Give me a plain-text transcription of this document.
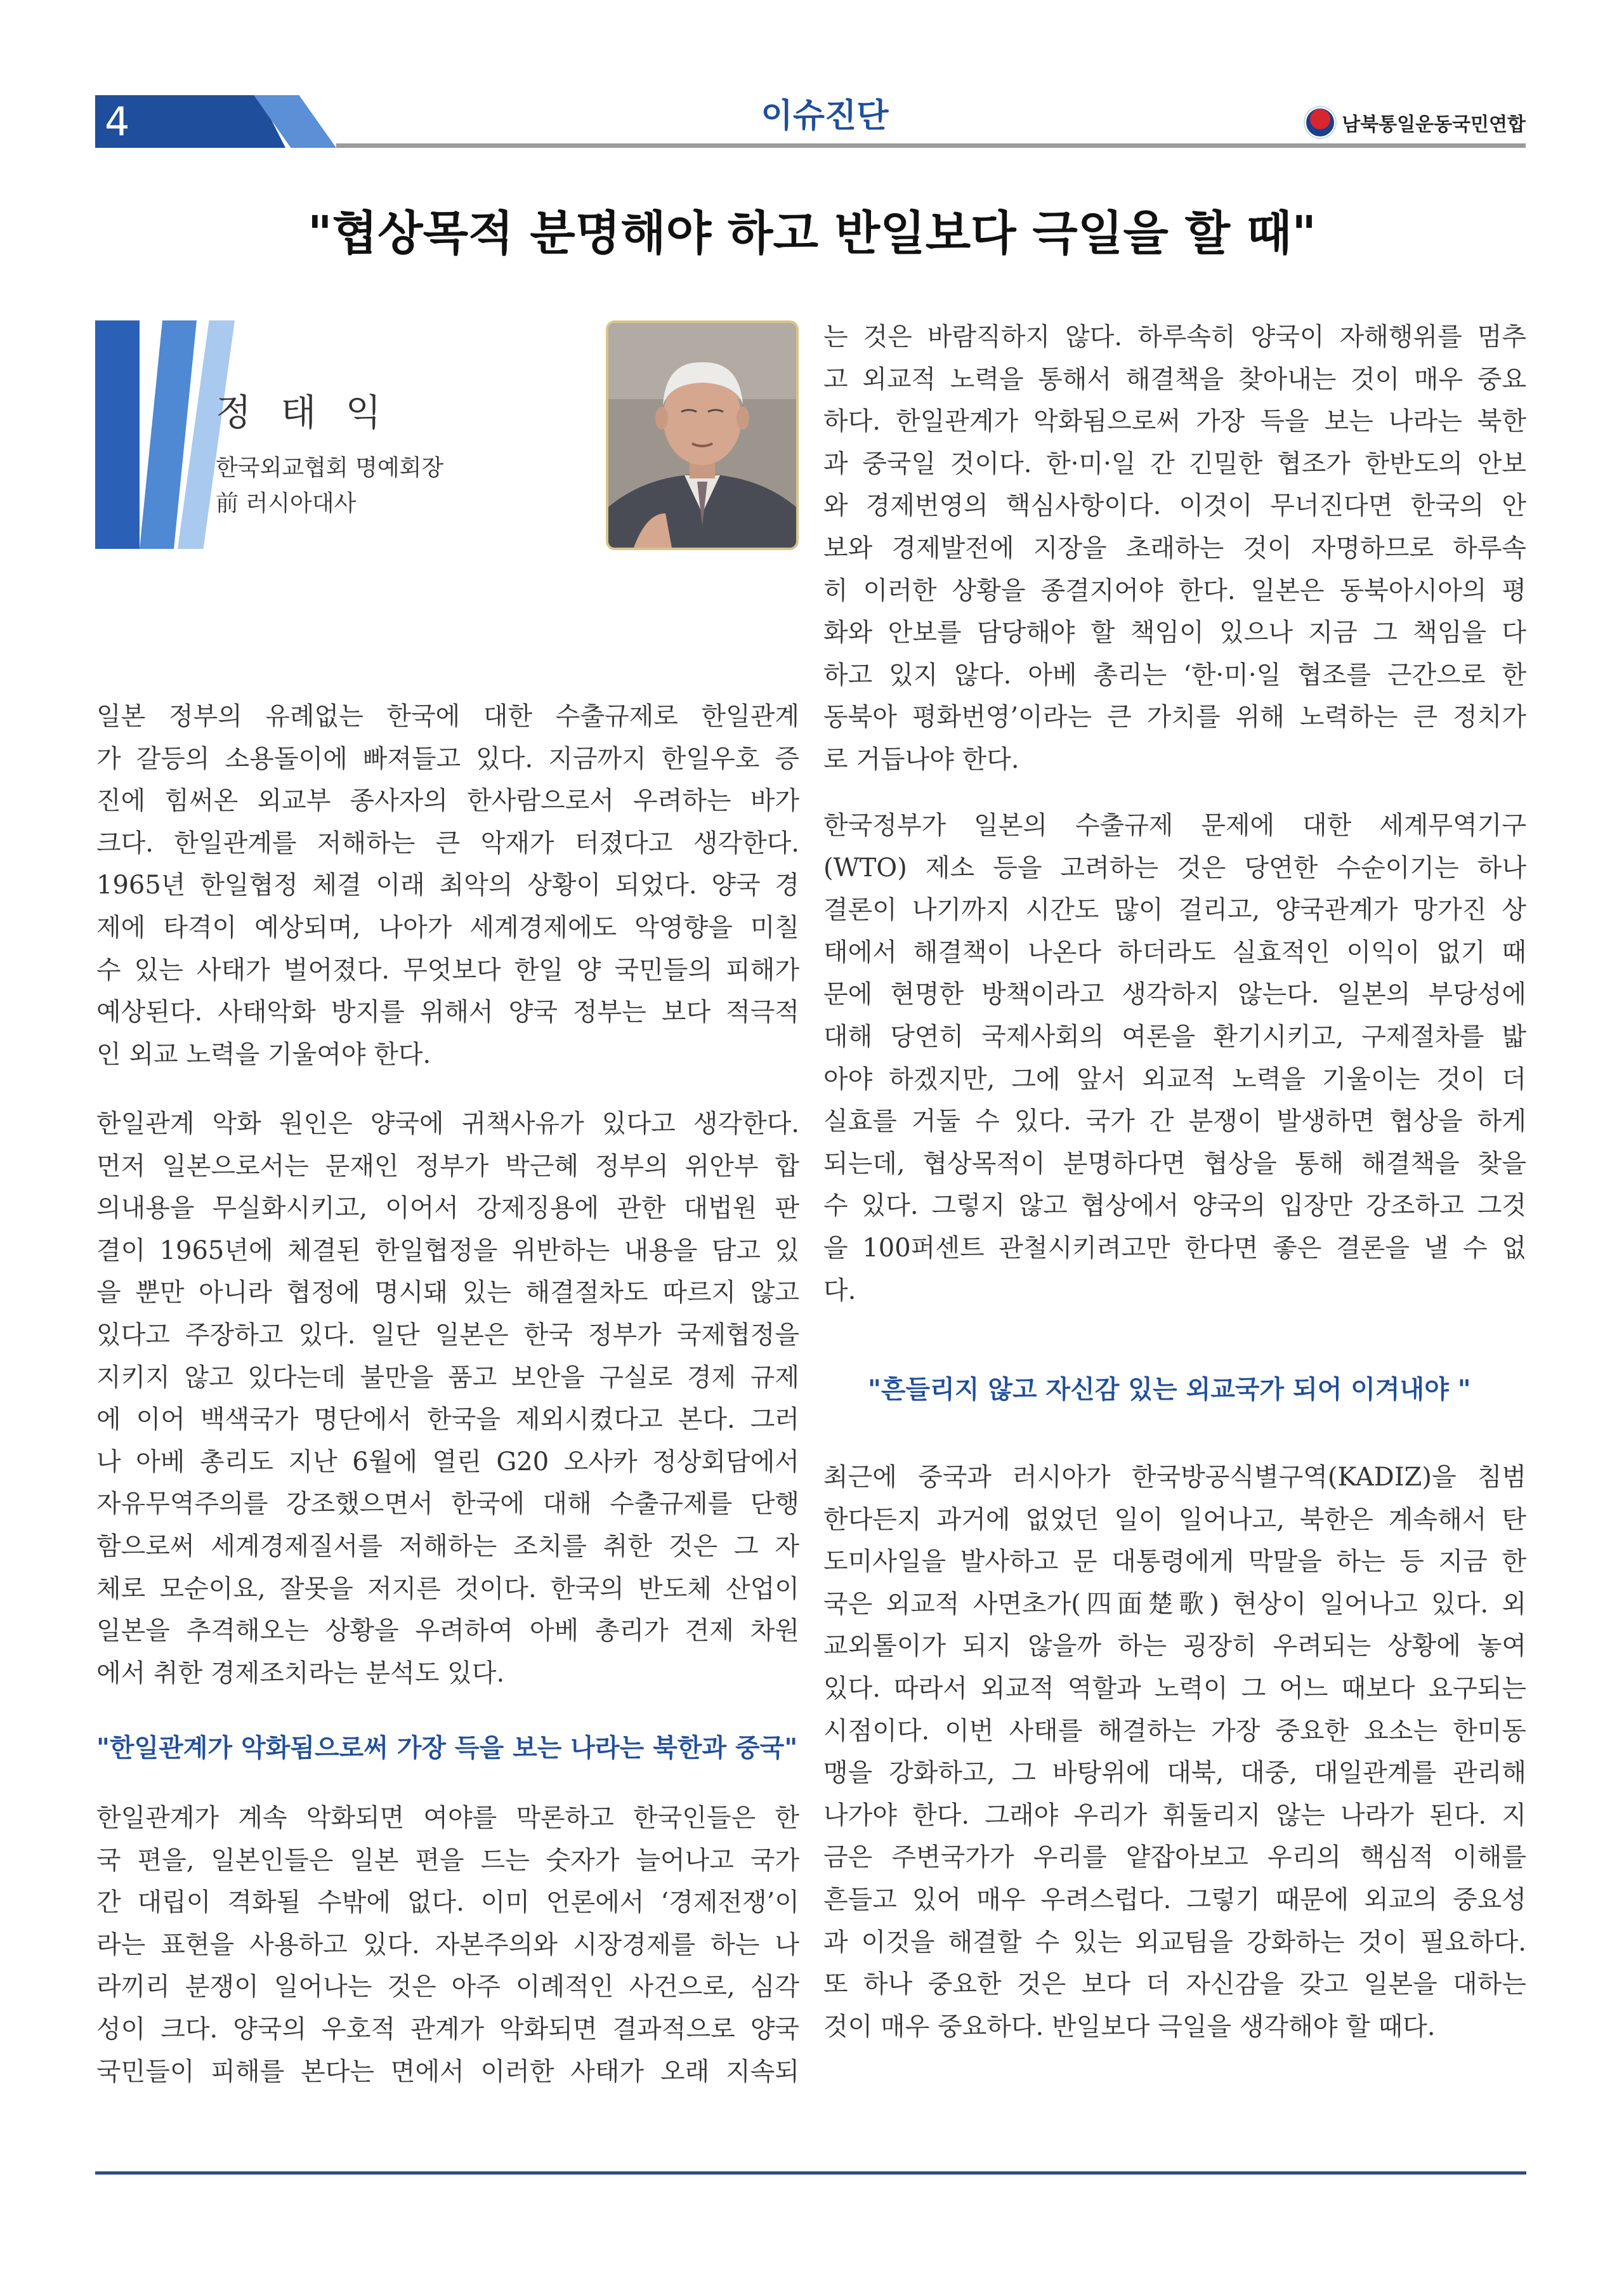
4	이슈진단	남북통일운동국민연합
"협상목적 분명해야 하고 반일보다 극일을 할 때"
정 태 익
한국외교협회 명예회장
前 러시아대사

일본 정부의 유례없는 한국에 대한 수출규제로 한일관계
가 갈등의 소용돌이에 빠져들고 있다. 지금까지 한일우호 증
진에 힘써온 외교부 종사자의 한사람으로서 우려하는 바가
크다. 한일관계를 저해하는 큰 악재가 터졌다고 생각한다.
1965년 한일협정 체결 이래 최악의 상황이 되었다. 양국 경
제에 타격이 예상되며, 나아가 세계경제에도 악영향을 미칠
수 있는 사태가 벌어졌다. 무엇보다 한일 양 국민들의 피해가
예상된다. 사태악화 방지를 위해서 양국 정부는 보다 적극적
인 외교 노력을 기울여야 한다.

한일관계 악화 원인은 양국에 귀책사유가 있다고 생각한다.
먼저 일본으로서는 문재인 정부가 박근혜 정부의 위안부 합
의내용을 무실화시키고, 이어서 강제징용에 관한 대법원 판
결이 1965년에 체결된 한일협정을 위반하는 내용을 담고 있
을 뿐만 아니라 협정에 명시돼 있는 해결절차도 따르지 않고
있다고 주장하고 있다. 일단 일본은 한국 정부가 국제협정을
지키지 않고 있다는데 불만을 품고 보안을 구실로 경제 규제
에 이어 백색국가 명단에서 한국을 제외시켰다고 본다. 그러
나 아베 총리도 지난 6월에 열린 G20 오사카 정상회담에서
자유무역주의를 강조했으면서 한국에 대해 수출규제를 단행
함으로써 세계경제질서를 저해하는 조치를 취한 것은 그 자
체로 모순이요, 잘못을 저지른 것이다. 한국의 반도체 산업이
일본을 추격해오는 상황을 우려하여 아베 총리가 견제 차원
에서 취한 경제조치라는 분석도 있다.

"한일관계가 악화됨으로써 가장 득을 보는 나라는 북한과 중국"

한일관계가 계속 악화되면 여야를 막론하고 한국인들은 한
국 편을, 일본인들은 일본 편을 드는 숫자가 늘어나고 국가
간 대립이 격화될 수밖에 없다. 이미 언론에서 ‘경제전쟁’이
라는 표현을 사용하고 있다. 자본주의와 시장경제를 하는 나
라끼리 분쟁이 일어나는 것은 아주 이례적인 사건으로, 심각
성이 크다. 양국의 우호적 관계가 악화되면 결과적으로 양국
국민들이 피해를 본다는 면에서 이러한 사태가 오래 지속되

는 것은 바람직하지 않다. 하루속히 양국이 자해행위를 멈추
고 외교적 노력을 통해서 해결책을 찾아내는 것이 매우 중요
하다. 한일관계가 악화됨으로써 가장 득을 보는 나라는 북한
과 중국일 것이다. 한·미·일 간 긴밀한 협조가 한반도의 안보
와 경제번영의 핵심사항이다. 이것이 무너진다면 한국의 안
보와 경제발전에 지장을 초래하는 것이 자명하므로 하루속
히 이러한 상황을 종결지어야 한다. 일본은 동북아시아의 평
화와 안보를 담당해야 할 책임이 있으나 지금 그 책임을 다
하고 있지 않다. 아베 총리는 ‘한·미·일 협조를 근간으로 한
동북아 평화번영’이라는 큰 가치를 위해 노력하는 큰 정치가
로 거듭나야 한다.

한국정부가 일본의 수출규제 문제에 대한 세계무역기구
(WTO) 제소 등을 고려하는 것은 당연한 수순이기는 하나
결론이 나기까지 시간도 많이 걸리고, 양국관계가 망가진 상
태에서 해결책이 나온다 하더라도 실효적인 이익이 없기 때
문에 현명한 방책이라고 생각하지 않는다. 일본의 부당성에
대해 당연히 국제사회의 여론을 환기시키고, 구제절차를 밟
아야 하겠지만, 그에 앞서 외교적 노력을 기울이는 것이 더
실효를 거둘 수 있다. 국가 간 분쟁이 발생하면 협상을 하게
되는데, 협상목적이 분명하다면 협상을 통해 해결책을 찾을
수 있다. 그렇지 않고 협상에서 양국의 입장만 강조하고 그것
을 100퍼센트 관철시키려고만 한다면 좋은 결론을 낼 수 없
다.

"흔들리지 않고 자신감 있는 외교국가 되어 이겨내야 "

최근에 중국과 러시아가 한국방공식별구역(KADIZ)을 침범
한다든지 과거에 없었던 일이 일어나고, 북한은 계속해서 탄
도미사일을 발사하고 문 대통령에게 막말을 하는 등 지금 한
국은 외교적 사면초가(四面楚歌) 현상이 일어나고 있다. 외
교외톨이가 되지 않을까 하는 굉장히 우려되는 상황에 놓여
있다. 따라서 외교적 역할과 노력이 그 어느 때보다 요구되는
시점이다. 이번 사태를 해결하는 가장 중요한 요소는 한미동
맹을 강화하고, 그 바탕위에 대북, 대중, 대일관계를 관리해
나가야 한다. 그래야 우리가 휘둘리지 않는 나라가 된다. 지
금은 주변국가가 우리를 얕잡아보고 우리의 핵심적 이해를
흔들고 있어 매우 우려스럽다. 그렇기 때문에 외교의 중요성
과 이것을 해결할 수 있는 외교팀을 강화하는 것이 필요하다.
또 하나 중요한 것은 보다 더 자신감을 갖고 일본을 대하는
것이 매우 중요하다. 반일보다 극일을 생각해야 할 때다.
